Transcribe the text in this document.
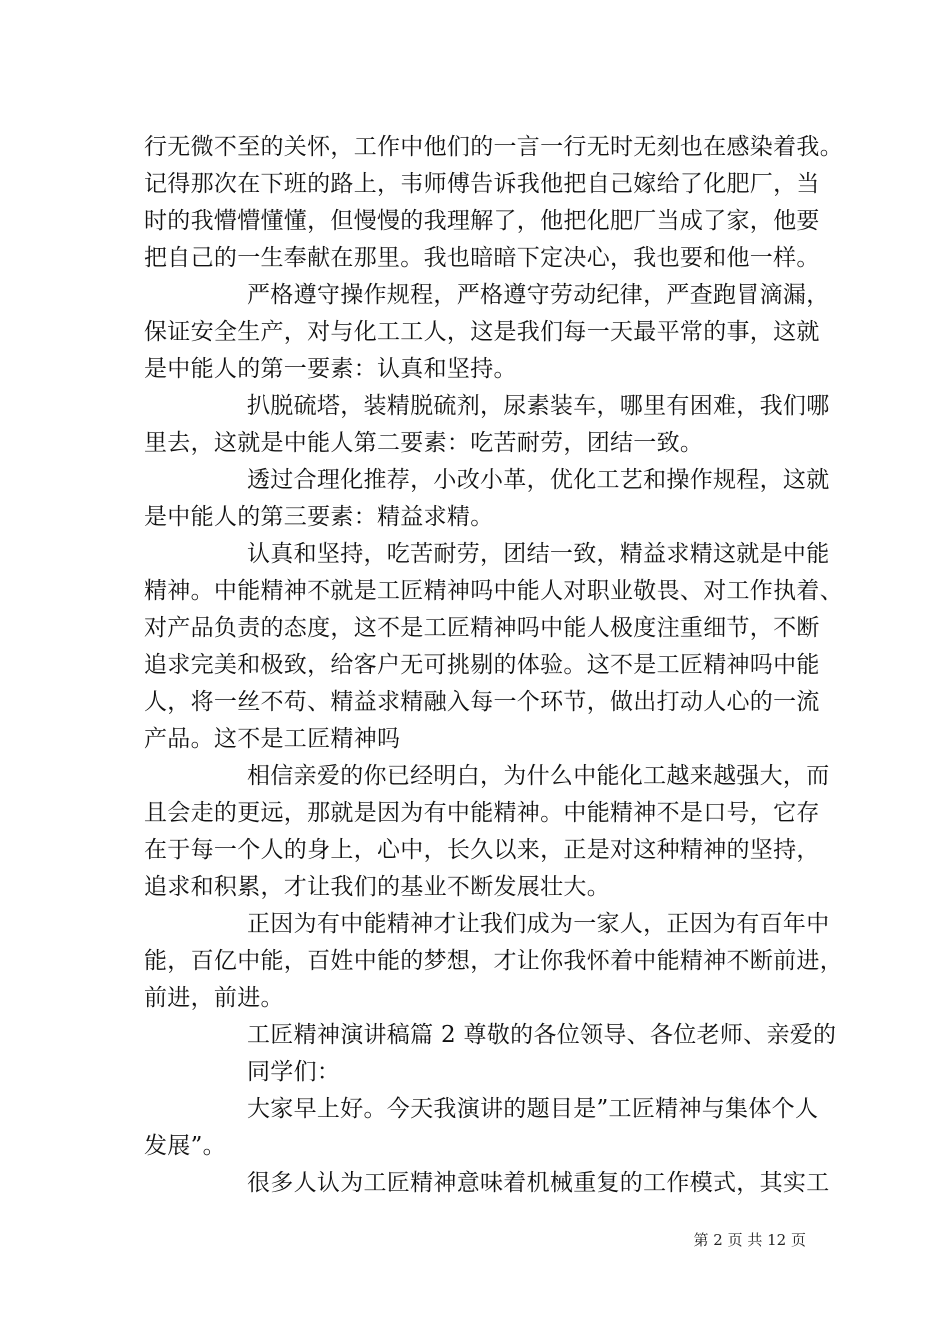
行无微不至的关怀，工作中他们的一言一行无时无刻也在感染着我。

记得那次在下班的路上，韦师傅告诉我他把自己嫁给了化肥厂，当

时的我懵懵懂懂，但慢慢的我理解了，他把化肥厂当成了家，他要

把自己的一生奉献在那里。我也暗暗下定决心，我也要和他一样。

严格遵守操作规程，严格遵守劳动纪律，严查跑冒滴漏，

保证安全生产，对与化工工人，这是我们每一天最平常的事，这就

是中能人的第一要素：认真和坚持。

扒脱硫塔，装精脱硫剂，尿素装车，哪里有困难，我们哪

里去，这就是中能人第二要素：吃苦耐劳，团结一致。

透过合理化推荐，小改小革，优化工艺和操作规程，这就

是中能人的第三要素：精益求精。

认真和坚持，吃苦耐劳，团结一致，精益求精这就是中能

精神。中能精神不就是工匠精神吗中能人对职业敬畏、对工作执着、

对产品负责的态度，这不是工匠精神吗中能人极度注重细节，不断

追求完美和极致，给客户无可挑剔的体验。这不是工匠精神吗中能

人，将一丝不苟、精益求精融入每一个环节，做出打动人心的一流

产品。这不是工匠精神吗

相信亲爱的你已经明白，为什么中能化工越来越强大，而

且会走的更远，那就是因为有中能精神。中能精神不是口号，它存

在于每一个人的身上，心中，长久以来，正是对这种精神的坚持，

追求和积累，才让我们的基业不断发展壮大。

正因为有中能精神才让我们成为一家人，正因为有百年中

能，百亿中能，百姓中能的梦想，才让你我怀着中能精神不断前进，

前进，前进。

工匠精神演讲稿篇 2 尊敬的各位领导、各位老师、亲爱的

同学们：

大家早上好。今天我演讲的题目是”工匠精神与集体个人

发展”。

很多人认为工匠精神意味着机械重复的工作模式，其实工

第 2 页 共 12 页
